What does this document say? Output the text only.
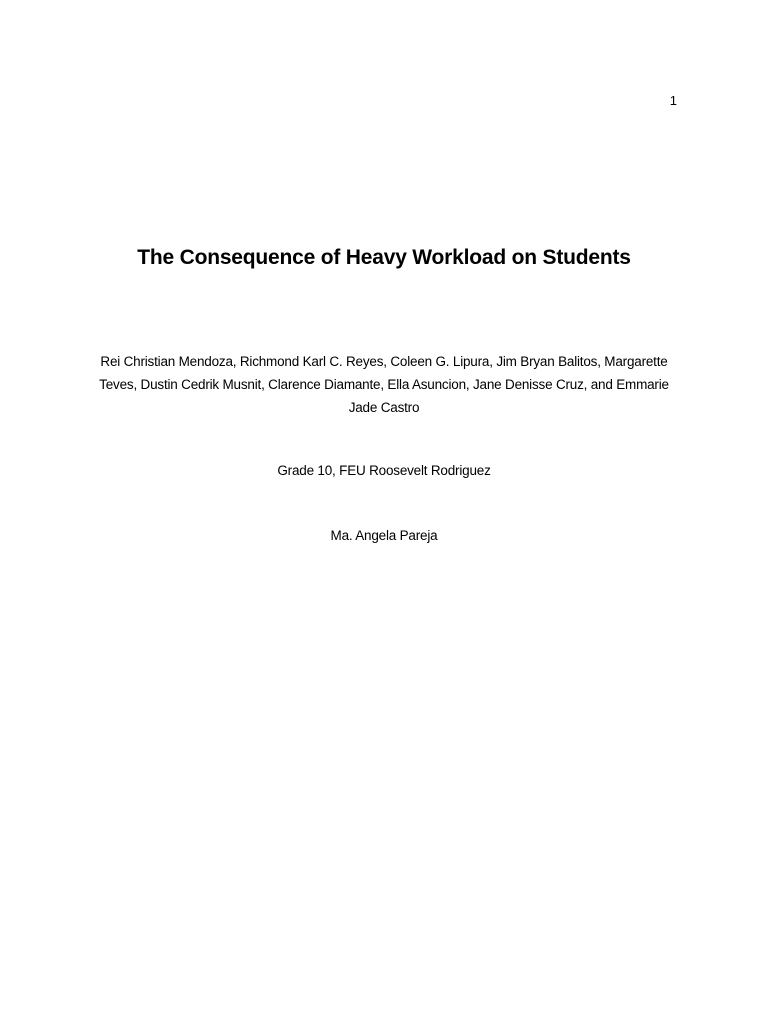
1
The Consequence of Heavy Workload on Students
Rei Christian Mendoza, Richmond Karl C. Reyes, Coleen G. Lipura, Jim Bryan Balitos, Margarette Teves, Dustin Cedrik Musnit, Clarence Diamante, Ella Asuncion, Jane Denisse Cruz, and Emmarie Jade Castro
Grade 10, FEU Roosevelt Rodriguez
Ma. Angela Pareja
